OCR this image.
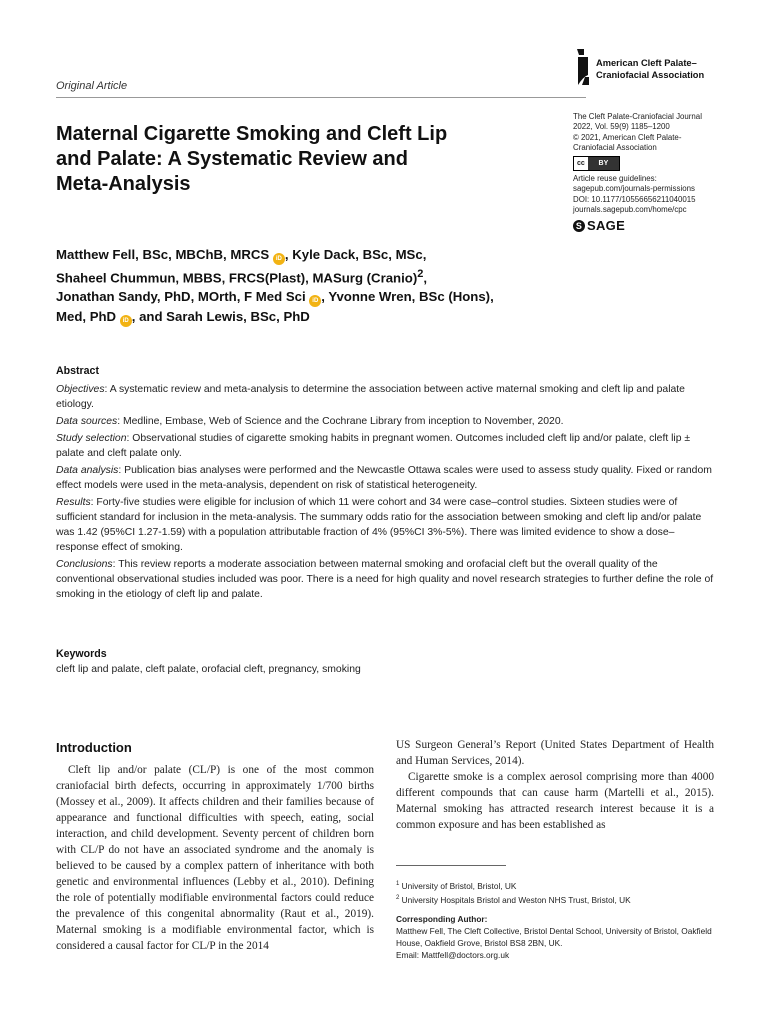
Original Article
American Cleft Palate–
Craniofacial Association
The Cleft Palate-Craniofacial Journal
2022, Vol. 59(9) 1185–1200
© 2021, American Cleft Palate-
Craniofacial Association
cc	BY
Article reuse guidelines:
sagepub.com/journals-permissions
DOI: 10.1177/10556656211040015
journals.sagepub.com/home/cpc
S SAGE
Maternal Cigarette Smoking and Cleft Lip
and Palate: A Systematic Review and
Meta-Analysis
Matthew Fell, BSc, MBChB, MRCS iD , Kyle Dack, BSc, MSc,
Shaheel Chummun, MBBS, FRCS(Plast), MASurg (Cranio)$^2$,
Jonathan Sandy, PhD, MOrth, F Med Sci iD , Yvonne Wren, BSc (Hons),
Med, PhD iD , and Sarah Lewis, BSc, PhD
Abstract

Objectives: A systematic review and meta-analysis to determine the association between active maternal smoking and cleft lip and palate etiology.

Data sources: Medline, Embase, Web of Science and the Cochrane Library from inception to November, 2020.

Study selection: Observational studies of cigarette smoking habits in pregnant women. Outcomes included cleft lip and/or palate, cleft lip ± palate and cleft palate only.

Data analysis: Publication bias analyses were performed and the Newcastle Ottawa scales were used to assess study quality. Fixed or random effect models were used in the meta-analysis, dependent on risk of statistical heterogeneity.

Results: Forty-five studies were eligible for inclusion of which 11 were cohort and 34 were case–control studies. Sixteen studies were of sufficient standard for inclusion in the meta-analysis. The summary odds ratio for the association between smoking and cleft lip and/or palate was 1.42 (95%CI 1.27-1.59) with a population attributable fraction of 4% (95%CI 3%-5%). There was limited evidence to show a dose–response effect of smoking.

Conclusions: This review reports a moderate association between maternal smoking and orofacial cleft but the overall quality of the conventional observational studies included was poor. There is a need for high quality and novel research strategies to further define the role of smoking in the etiology of cleft lip and palate.

Keywords
cleft lip and palate, cleft palate, orofacial cleft, pregnancy, smoking
Introduction

Cleft lip and/or palate (CL/P) is one of the most common craniofacial birth defects, occurring in approximately 1/700 births (Mossey et al., 2009). It affects children and their families because of appearance and functional difficulties with speech, eating, social interaction, and child development. Seventy percent of children born with CL/P do not have an associated syndrome and the anomaly is believed to be caused by a complex pattern of inheritance with both genetic and environmental influences (Lebby et al., 2010). Defining the role of potentially modifiable environmental factors could reduce the prevalence of this congenital abnormality (Raut et al., 2019). Maternal smoking is a modifiable environmental factor, which is considered a causal factor for CL/P in the 2014

US Surgeon General’s Report (United States Department of Health and Human Services, 2014).

Cigarette smoke is a complex aerosol comprising more than 4000 different compounds that can cause harm (Martelli et al., 2015). Maternal smoking has attracted research interest because it is a common exposure and has been established as

$^1$ University of Bristol, Bristol, UK
$^2$ University Hospitals Bristol and Weston NHS Trust, Bristol, UK
Corresponding Author:
Matthew Fell, The Cleft Collective, Bristol Dental School, University of Bristol, Oakfield House, Oakfield Grove, Bristol BS8 2BN, UK.
Email: Mattfell@doctors.org.uk
